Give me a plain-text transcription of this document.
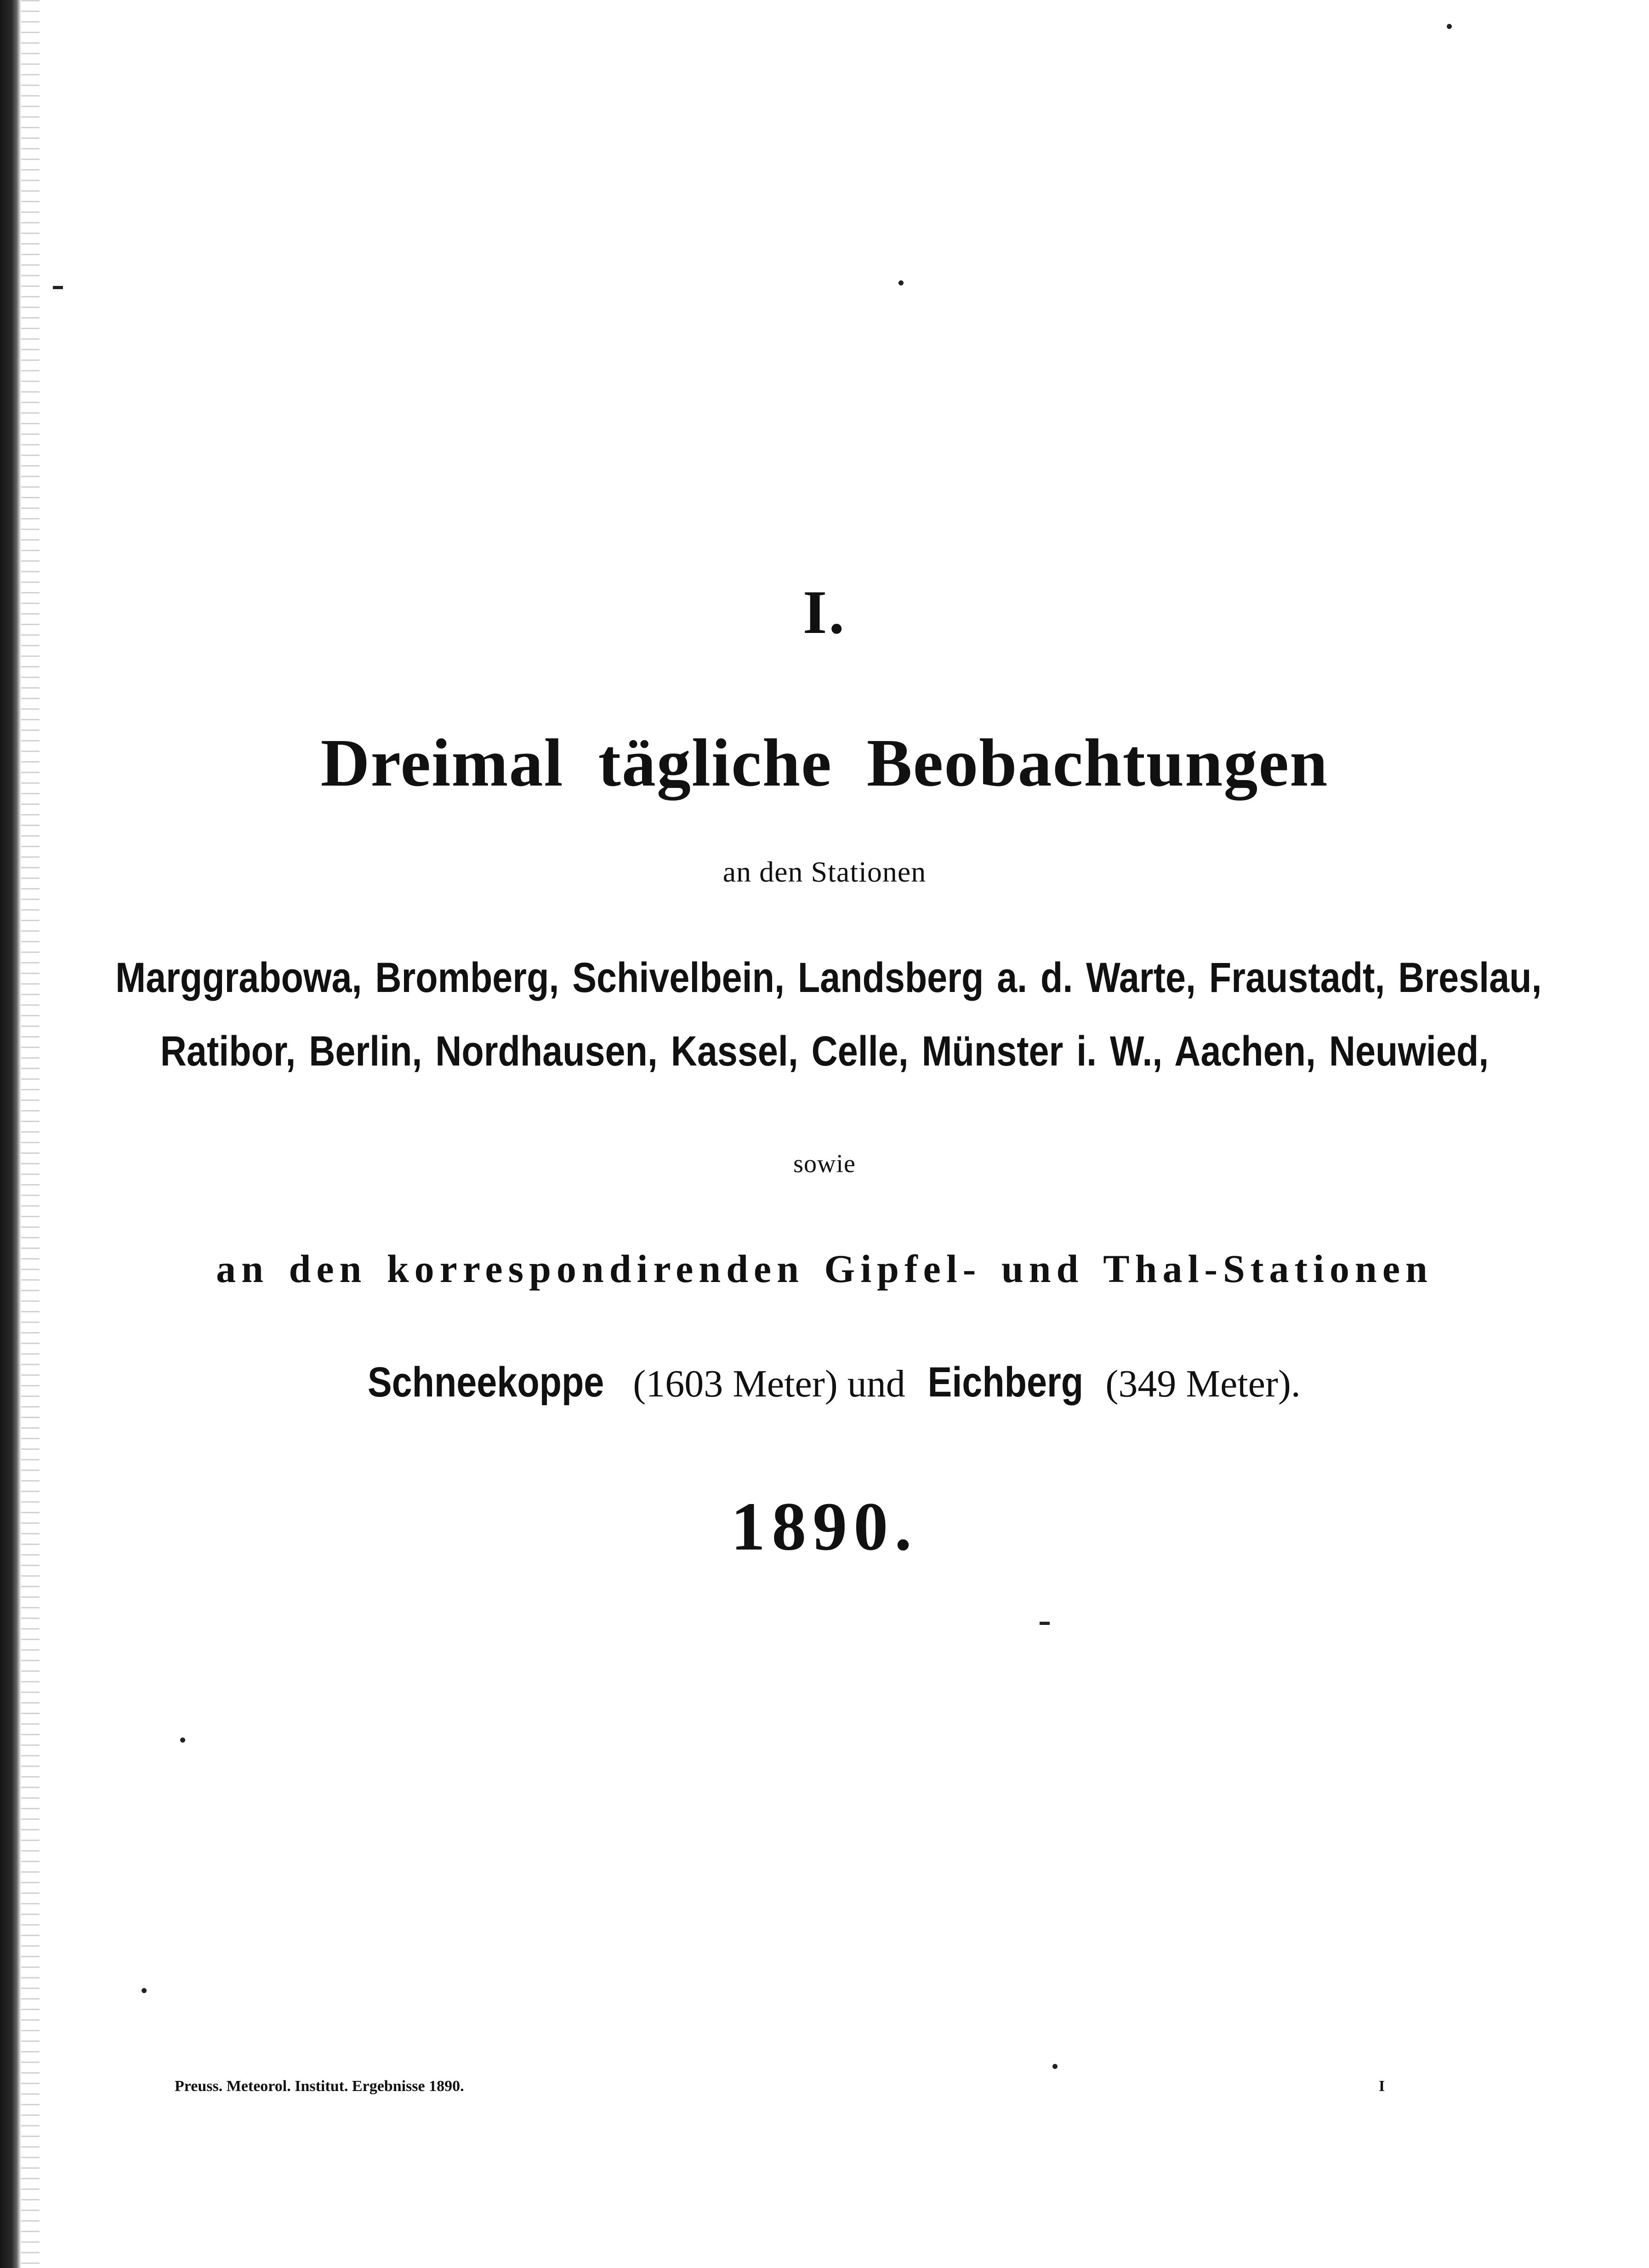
I.

Dreimal tägliche Beobachtungen

an den Stationen

Marggrabowa, Bromberg, Schivelbein, Landsberg a. d. Warte, Fraustadt, Breslau,

Ratibor, Berlin, Nordhausen, Kassel, Celle, Münster i. W., Aachen, Neuwied,

sowie

an den korrespondirenden Gipfel- und Thal-Stationen

Schneekoppe (1603 Meter) und Eichberg (349 Meter).

1890.

Preuss. Meteorol. Institut. Ergebnisse 1890.	I
